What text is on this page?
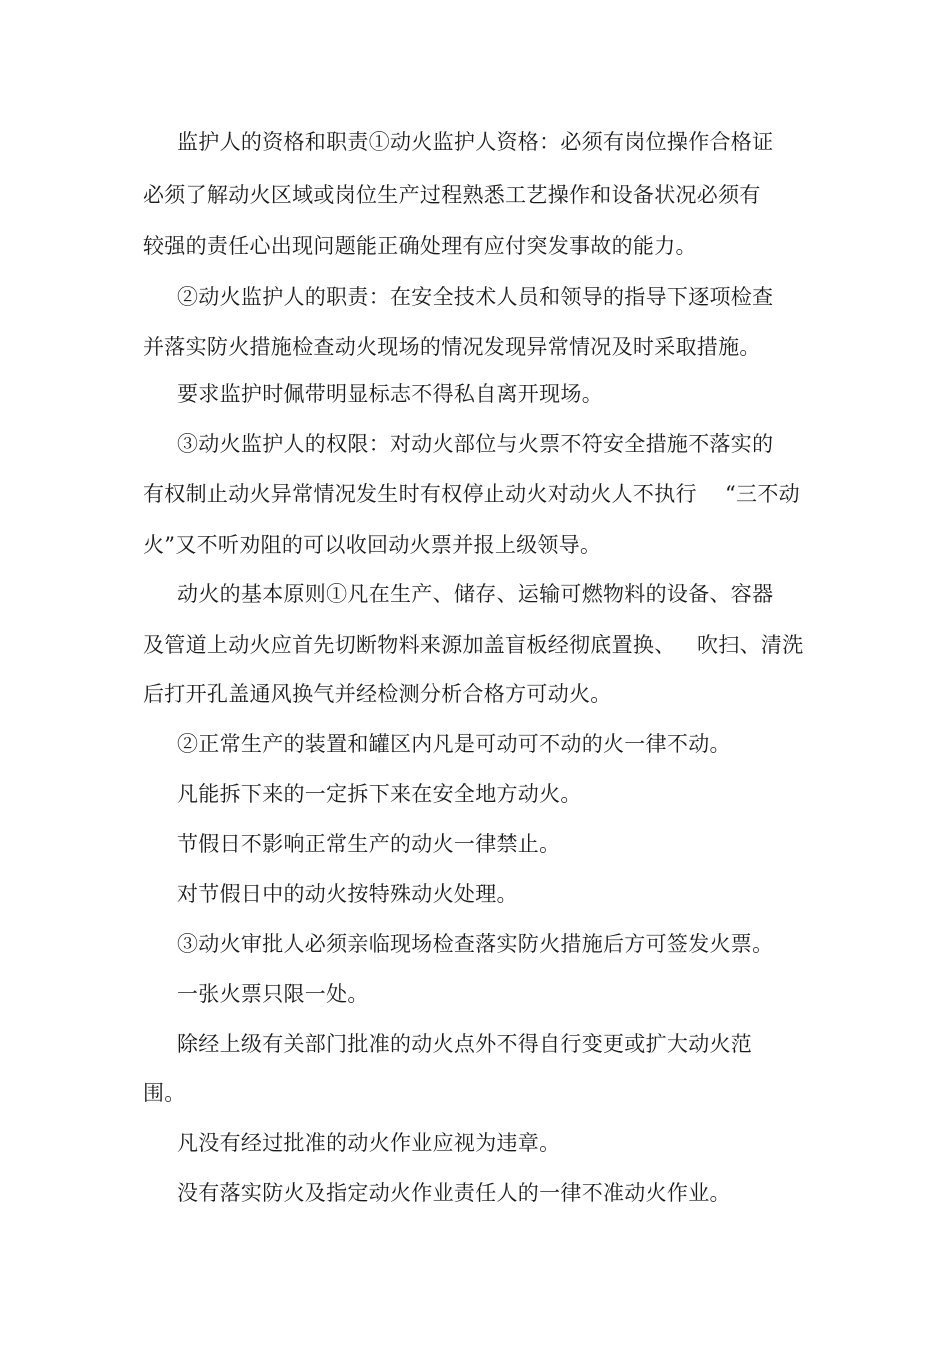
监护人的资格和职责①动火监护人资格：必须有岗位操作合格证
必须了解动火区域或岗位生产过程熟悉工艺操作和设备状况必须有
较强的责任心出现问题能正确处理有应付突发事故的能力。
②动火监护人的职责：在安全技术人员和领导的指导下逐项检查
并落实防火措施检查动火现场的情况发现异常情况及时采取措施。
要求监护时佩带明显标志不得私自离开现场。
③动火监护人的权限：对动火部位与火票不符安全措施不落实的
有权制止动火异常情况发生时有权停止动火对动火人不执行 “三不动
火”又不听劝阻的可以收回动火票并报上级领导。
动火的基本原则①凡在生产、储存、运输可燃物料的设备、容器
及管道上动火应首先切断物料来源加盖盲板经彻底置换、 吹扫、清洗
后打开孔盖通风换气并经检测分析合格方可动火。
②正常生产的装置和罐区内凡是可动可不动的火一律不动。
凡能拆下来的一定拆下来在安全地方动火。
节假日不影响正常生产的动火一律禁止。
对节假日中的动火按特殊动火处理。
③动火审批人必须亲临现场检查落实防火措施后方可签发火票。
一张火票只限一处。
除经上级有关部门批准的动火点外不得自行变更或扩大动火范
围。
凡没有经过批准的动火作业应视为违章。
没有落实防火及指定动火作业责任人的一律不准动火作业。
